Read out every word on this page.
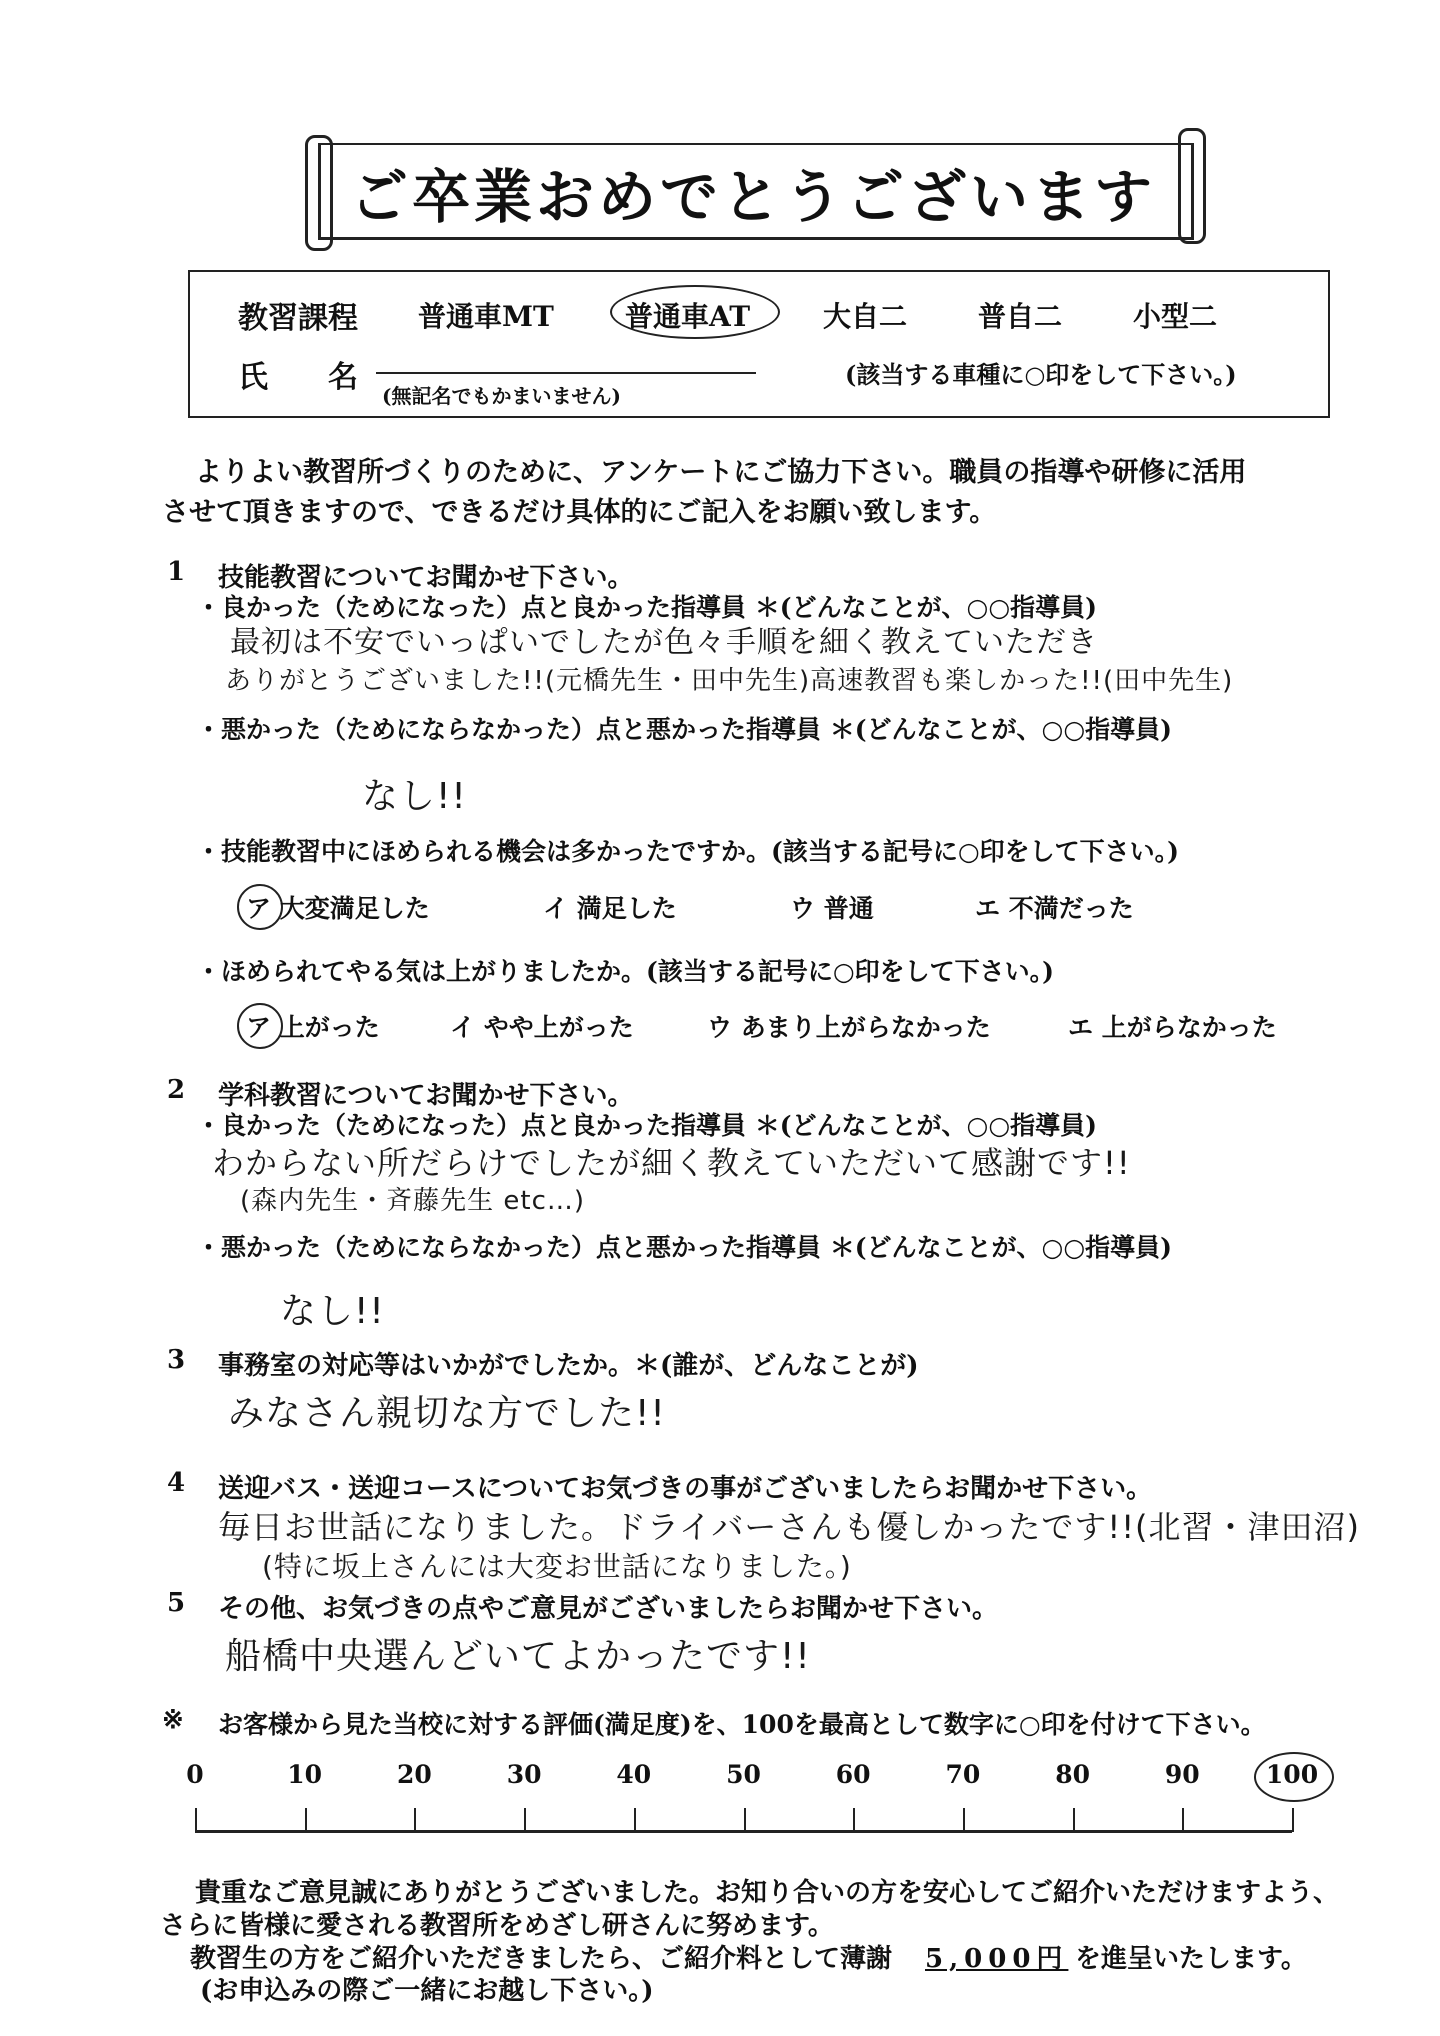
ご卒業おめでとうございます
教習課程 普通車MT	普通車AT	大自二	普自二	小型二
氏　　名
(無記名でもかまいません)
(該当する車種に○印をして下さい。)
よりよい教習所づくりのために、アンケートにご協力下さい。職員の指導や研修に活用
させて頂きますので、できるだけ具体的にご記入をお願い致します。
1 技能教習についてお聞かせ下さい。
・良かった（ためになった）点と良かった指導員 ＊(どんなことが、○○指導員)
最初は不安でいっぱいでしたが色々手順を細く教えていただき
ありがとうございました!!(元橋先生・田中先生)高速教習も楽しかった!!(田中先生)
・悪かった（ためにならなかった）点と悪かった指導員 ＊(どんなことが、○○指導員)
なし!!
・技能教習中にほめられる機会は多かったですか。(該当する記号に○印をして下さい。)
ア 大変満足した	イ 満足した	ウ 普通	エ 不満だった
・ほめられてやる気は上がりましたか。(該当する記号に○印をして下さい。)
ア 上がった	イ やや上がった	ウ あまり上がらなかった	エ 上がらなかった
2 学科教習についてお聞かせ下さい。
・良かった（ためになった）点と良かった指導員 ＊(どんなことが、○○指導員)
わからない所だらけでしたが細く教えていただいて感謝です!!
(森内先生・斉藤先生 etc…)
・悪かった（ためにならなかった）点と悪かった指導員 ＊(どんなことが、○○指導員)
なし!!
3 事務室の対応等はいかがでしたか。＊(誰が、どんなことが)
みなさん親切な方でした!!
4 送迎バス・送迎コースについてお気づきの事がございましたらお聞かせ下さい。
毎日お世話になりました。ドライバーさんも優しかったです!!(北習・津田沼)
(特に坂上さんには大変お世話になりました。)
5 その他、お気づきの点やご意見がございましたらお聞かせ下さい。
船橋中央選んどいてよかったです!!
※ お客様から見た当校に対する評価(満足度)を、100を最高として数字に○印を付けて下さい。
0	10	20	30	40	50	60	70	80	90	100
貴重なご意見誠にありがとうございました。お知り合いの方を安心してご紹介いただけますよう、
さらに皆様に愛される教習所をめざし研さんに努めます。
教習生の方をご紹介いただきましたら、ご紹介料として薄謝 5,000円 を進呈いたします。
(お申込みの際ご一緒にお越し下さい。)
